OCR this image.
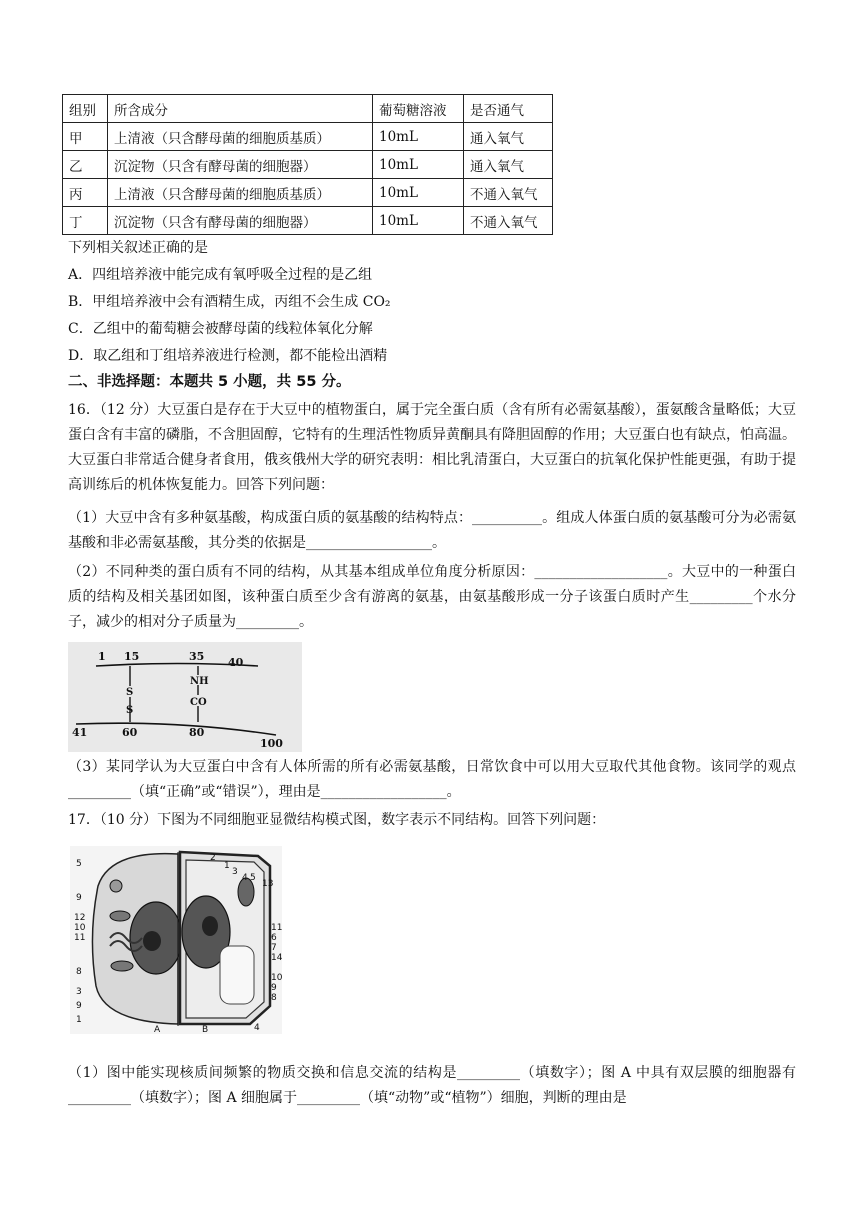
组别	所含成分	葡萄糖溶液	是否通气
甲	上清液（只含酵母菌的细胞质基质）	10mL	通入氧气
乙	沉淀物（只含有酵母菌的细胞器）	10mL	通入氧气
丙	上清液（只含酵母菌的细胞质基质）	10mL	不通入氧气
丁	沉淀物（只含有酵母菌的细胞器）	10mL	不通入氧气
下列相关叙述正确的是
A．四组培养液中能完成有氧呼吸全过程的是乙组
B．甲组培养液中会有酒精生成，丙组不会生成 CO₂
C．乙组中的葡萄糖会被酵母菌的线粒体氧化分解
D．取乙组和丁组培养液进行检测，都不能检出酒精
二、非选择题：本题共 5 小题，共 55 分。
16．（12 分）大豆蛋白是存在于大豆中的植物蛋白，属于完全蛋白质（含有所有必需氨基酸），蛋氨酸含量略低；大豆蛋白含有丰富的磷脂，不含胆固醇，它特有的生理活性物质异黄酮具有降胆固醇的作用；大豆蛋白也有缺点，怕高温。大豆蛋白非常适合健身者食用，俄亥俄州大学的研究表明：相比乳清蛋白，大豆蛋白的抗氧化保护性能更强，有助于提高训练后的机体恢复能力。回答下列问题：
（1）大豆中含有多种氨基酸，构成蛋白质的氨基酸的结构特点：__________。组成人体蛋白质的氨基酸可分为必需氨基酸和非必需氨基酸，其分类的依据是__________________。
（2）不同种类的蛋白质有不同的结构，从其基本组成单位角度分析原因：___________________。大豆中的一种蛋白质的结构及相关基团如图，该种蛋白质至少含有游离的氨基，由氨基酸形成一分子该蛋白质时产生_________个水分子，减少的相对分子质量为_________。
1 15	35 40
S
S
NH
CO
41	60	80
100
（3）某同学认为大豆蛋白中含有人体所需的所有必需氨基酸，日常饮食中可以用大豆取代其他食物。该同学的观点_________（填“正确”或“错误”），理由是__________________。
17．（10 分）下图为不同细胞亚显微结构模式图，数字表示不同结构。回答下列问题：
5
9
12
10
11
8
3
9
1
2
1
3
4 5
13
11
6
7
14
10
9
8
4
A	B
（1）图中能实现核质间频繁的物质交换和信息交流的结构是_________（填数字）；图 A 中具有双层膜的细胞器有_________（填数字）；图 A 细胞属于_________（填“动物”或“植物”）细胞，判断的理由是
